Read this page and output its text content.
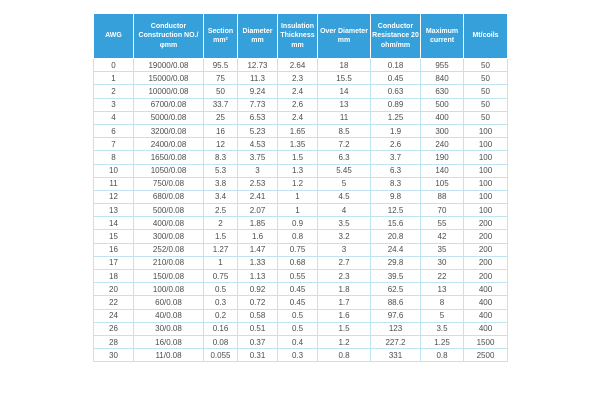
AWG	Conductor Construction NO./φmm	Section mm²	Diameter mm	Insulation Thickness mm	Over Diameter mm	Conductor Resistance 20 ohm/mm	Maximum current	Mt/coils
0	19000/0.08	95.5	12.73	2.64	18	0.18	955	50
1	15000/0.08	75	11.3	2.3	15.5	0.45	840	50
2	10000/0.08	50	9.24	2.4	14	0.63	630	50
3	6700/0.08	33.7	7.73	2.6	13	0.89	500	50
4	5000/0.08	25	6.53	2.4	11	1.25	400	50
6	3200/0.08	16	5.23	1.65	8.5	1.9	300	100
7	2400/0.08	12	4.53	1.35	7.2	2.6	240	100
8	1650/0.08	8.3	3.75	1.5	6.3	3.7	190	100
10	1050/0.08	5.3	3	1.3	5.45	6.3	140	100
11	750/0.08	3.8	2.53	1.2	5	8.3	105	100
12	680/0.08	3.4	2.41	1	4.5	9.8	88	100
13	500/0.08	2.5	2.07	1	4	12.5	70	100
14	400/0.08	2	1.85	0.9	3.5	15.6	55	200
15	300/0.08	1.5	1.6	0.8	3.2	20.8	42	200
16	252/0.08	1.27	1.47	0.75	3	24.4	35	200
17	210/0.08	1	1.33	0.68	2.7	29.8	30	200
18	150/0.08	0.75	1.13	0.55	2.3	39.5	22	200
20	100/0.08	0.5	0.92	0.45	1.8	62.5	13	400
22	60/0.08	0.3	0.72	0.45	1.7	88.6	8	400
24	40/0.08	0.2	0.58	0.5	1.6	97.6	5	400
26	30/0.08	0.16	0.51	0.5	1.5	123	3.5	400
28	16/0.08	0.08	0.37	0.4	1.2	227.2	1.25	1500
30	11/0.08	0.055	0.31	0.3	0.8	331	0.8	2500
